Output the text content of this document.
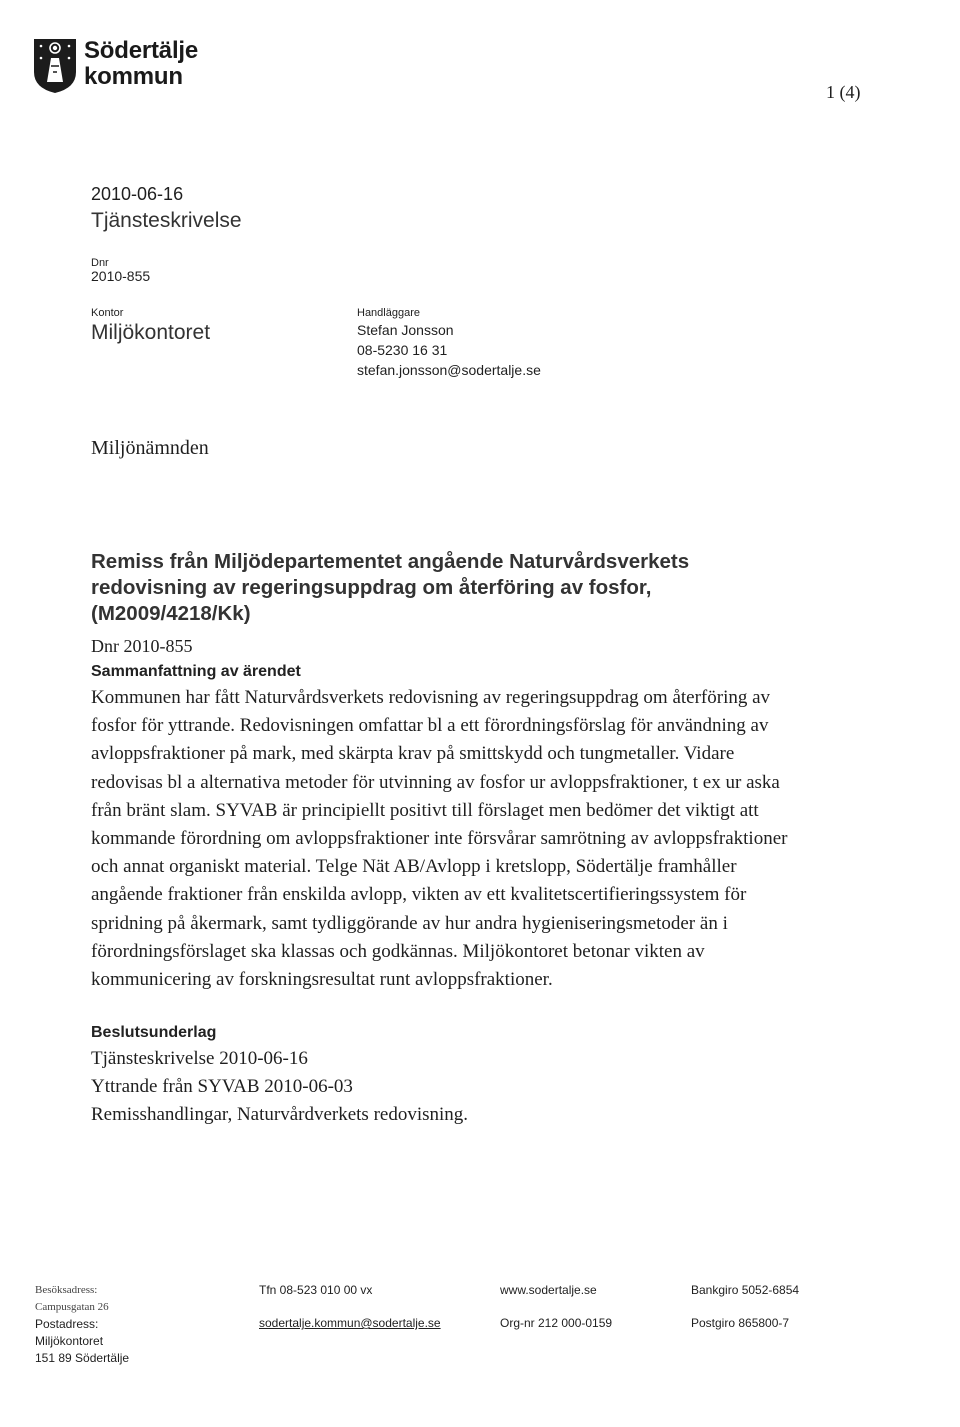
Södertälje
kommun
1 (4)
2010-06-16
Tjänsteskrivelse
Dnr
2010-855
Kontor
Miljökontoret
Handläggare
Stefan Jonsson
08-5230 16 31
stefan.jonsson@sodertalje.se
Miljönämnden
Remiss från Miljödepartementet angående Naturvårdsverkets
redovisning av regeringsuppdrag om återföring av fosfor,
(M2009/4218/Kk)
Dnr 2010-855
Sammanfattning av ärendet
Kommunen har fått Naturvårdsverkets redovisning av regeringsuppdrag om återföring av
fosfor för yttrande. Redovisningen omfattar bl a ett förordningsförslag för användning av
avloppsfraktioner på mark, med skärpta krav på smittskydd och tungmetaller. Vidare
redovisas bl a alternativa metoder för utvinning av fosfor ur avloppsfraktioner, t ex ur aska
från bränt slam. SYVAB är principiellt positivt till förslaget men bedömer det viktigt att
kommande förordning om avloppsfraktioner inte försvårar samrötning av avloppsfraktioner
och annat organiskt material. Telge Nät AB/Avlopp i kretslopp, Södertälje framhåller
angående fraktioner från enskilda avlopp, vikten av ett kvalitetscertifieringssystem för
spridning på åkermark, samt tydliggörande av hur andra hygieniseringsmetoder än i
förordningsförslaget ska klassas och godkännas. Miljökontoret betonar vikten av
kommunicering av forskningsresultat runt avloppsfraktioner.
Beslutsunderlag
Tjänsteskrivelse 2010-06-16
Yttrande från SYVAB 2010-06-03
Remisshandlingar, Naturvårdverkets redovisning.
Besöksadress:
Campusgatan 26
Postadress:
Miljökontoret
151 89 Södertälje
Tfn 08-523 010 00 vx
sodertalje.kommun@sodertalje.se
www.sodertalje.se
Org-nr 212 000-0159
Bankgiro 5052-6854
Postgiro 865800-7
